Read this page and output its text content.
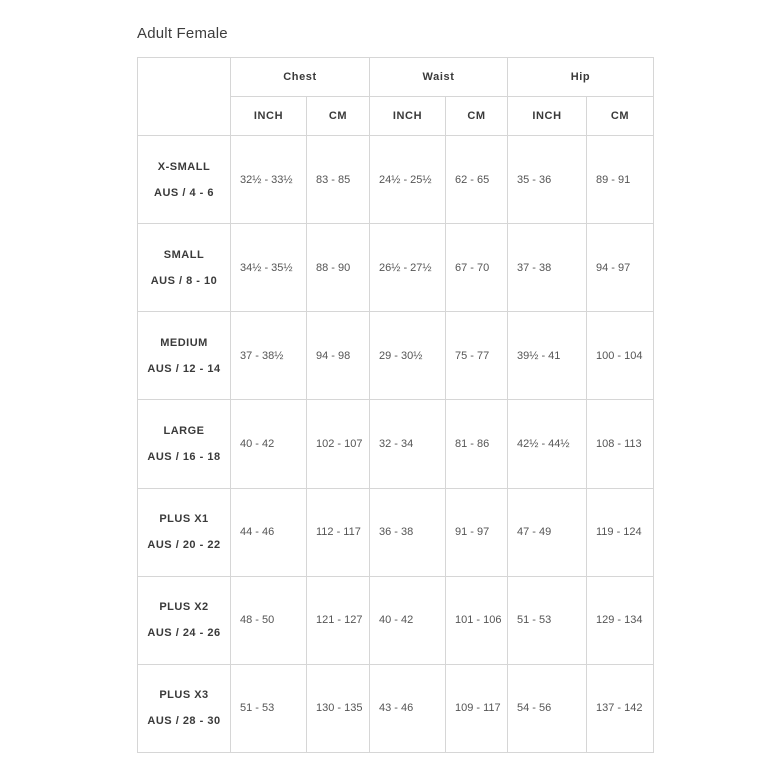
Adult Female
	Chest		Waist		Hip	
	INCH	CM	INCH	CM	INCH	CM

X-SMALL
AUS / 4 - 6	32½ - 33½	83 - 85	24½ - 25½	62 - 65	35 - 36	89 - 91

SMALL
AUS / 8 - 10	34½ - 35½	88 - 90	26½ - 27½	67 - 70	37 - 38	94 - 97

MEDIUM
AUS / 12 - 14	37 - 38½	94 - 98	29 - 30½	75 - 77	39½ - 41	100 - 104

LARGE
AUS / 16 - 18	40 - 42	102 - 107	32 - 34	81 - 86	42½ - 44½	108 - 113

PLUS X1
AUS / 20 - 22	44 - 46	112 - 117	36 - 38	91 - 97	47 - 49	119 - 124

PLUS X2
AUS / 24 - 26	48 - 50	121 - 127	40 - 42	101 - 106	51 - 53	129 - 134

PLUS X3
AUS / 28 - 30	51 - 53	130 - 135	43 - 46	109 - 117	54 - 56	137 - 142
